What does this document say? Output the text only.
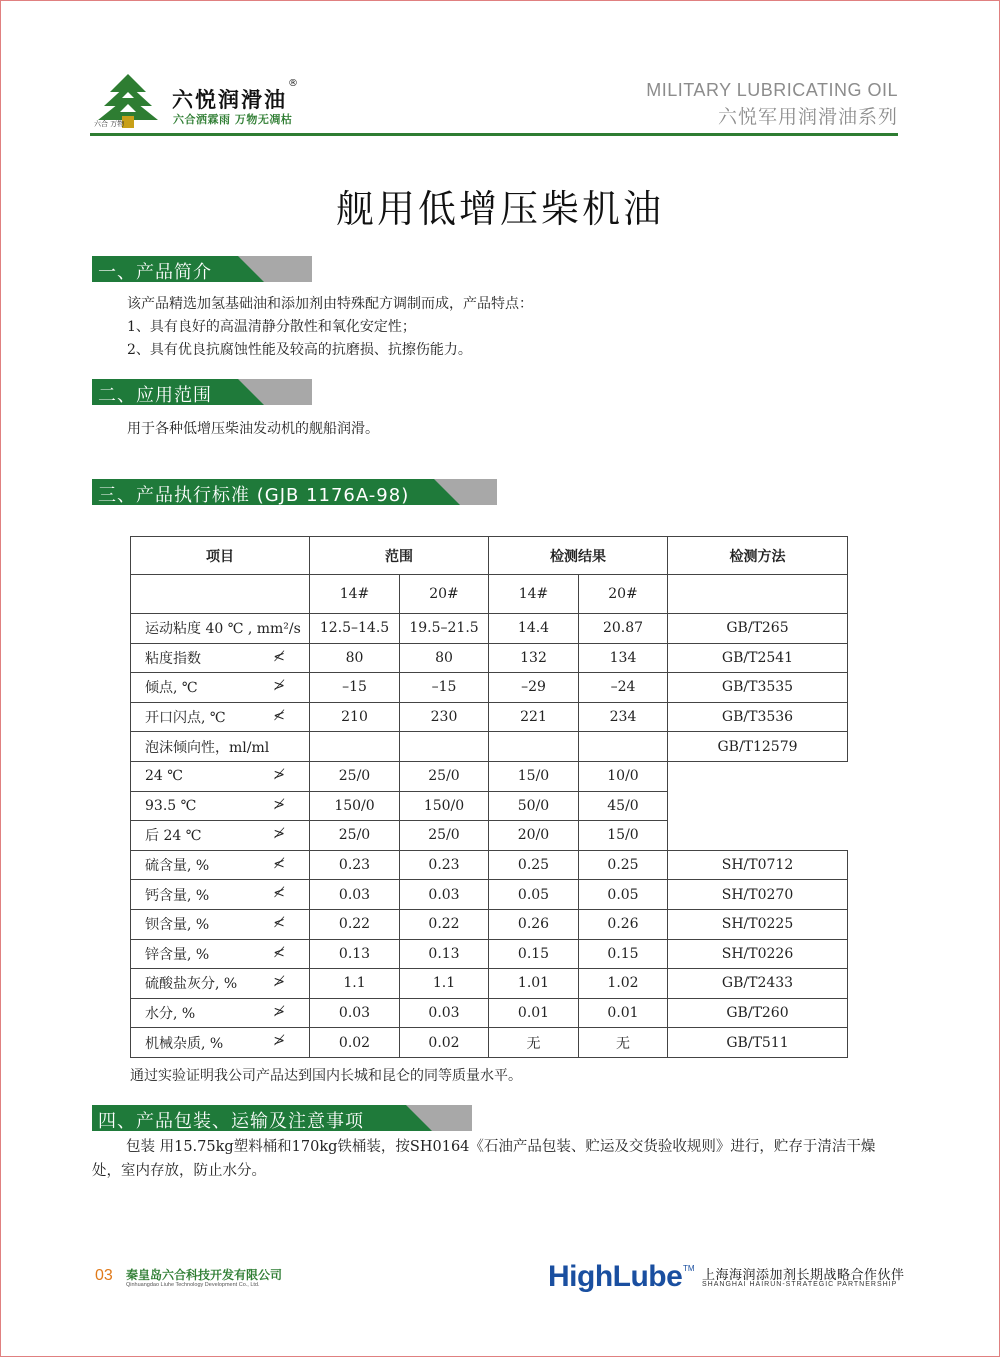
六合 万物
六悦润滑油
®
六合洒霖雨 万物无凋枯
MILITARY LUBRICATING OIL
六悦军用润滑油系列
舰用低增压柴机油
一、产品简介
该产品精选加氢基础油和添加剂由特殊配方调制而成，产品特点：
1、具有良好的高温清静分散性和氧化安定性；
2、具有优良抗腐蚀性能及较高的抗磨损、抗擦伤能力。
二、应用范围
用于各种低增压柴油发动机的舰船润滑。
三、产品执行标准 (GJB 1176A-98)
项目	范围		检测结果		检测方法
	14#	20#	14#	20#	
运动粘度 40 ℃ , mm²/s	12.5–14.5	19.5–21.5	14.4	20.87	GB/T265
粘度指数 ≮	80	80	132	134	GB/T2541
倾点, ℃ ≯	–15	–15	–29	–24	GB/T3535
开口闪点, ℃ ≮	210	230	221	234	GB/T3536
泡沫倾向性，ml/ml					GB/T12579
24 ℃ ≯	25/0	25/0	15/0	10/0	
93.5 ℃ ≯	150/0	150/0	50/0	45/0	
后 24 ℃ ≯	25/0	25/0	20/0	15/0	
硫含量, % ≮	0.23	0.23	0.25	0.25	SH/T0712
钙含量, % ≮	0.03	0.03	0.05	0.05	SH/T0270
钡含量, % ≮	0.22	0.22	0.26	0.26	SH/T0225
锌含量, % ≮	0.13	0.13	0.15	0.15	SH/T0226
硫酸盐灰分, % ≯	1.1	1.1	1.01	1.02	GB/T2433
水分, % ≯	0.03	0.03	0.01	0.01	GB/T260
机械杂质, % ≯	0.02	0.02	无	无	GB/T511
通过实验证明我公司产品达到国内长城和昆仑的同等质量水平。
四、产品包装、运输及注意事项
包装 用15.75kg塑料桶和170kg铁桶装，按SH0164《石油产品包装、贮运及交货验收规则》进行，贮存于清洁干燥处，室内存放，防止水分。
03 秦皇岛六合科技开发有限公司
Qinhuangdao Liuhe Technology Development Co., Ltd.	HighLube TM 上海海润添加剂长期战略合作伙伴
SHANGHAI HAIRUN-STRATEGIC PARTNERSHIP
